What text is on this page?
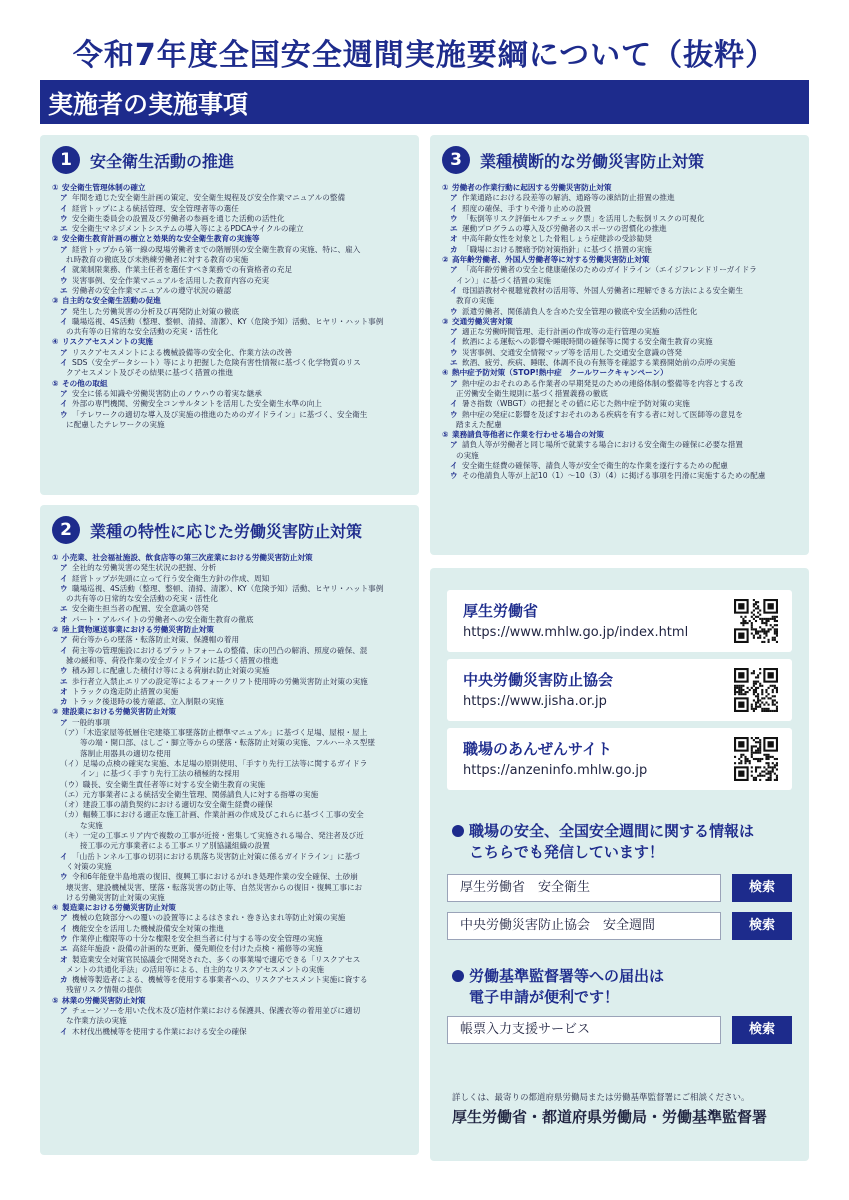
令和7年度全国安全週間実施要綱について（抜粋）
実施者の実施事項
1	安全衛生活動の推進
① 安全衛生管理体制の確立
ア 年間を通じた安全衛生計画の策定、安全衛生規程及び安全作業マニュアルの整備
イ 経営トップによる統括管理、安全管理者等の選任
ウ 安全衛生委員会の設置及び労働者の参画を通じた活動の活性化
エ 安全衛生マネジメントシステムの導入等によるPDCAサイクルの確立
② 安全衛生教育計画の樹立と効果的な安全衛生教育の実施等
ア 経営トップから第一線の現場労働者までの階層別の安全衛生教育の実施、特に、雇入
れ時教育の徹底及び未熟練労働者に対する教育の実施
イ 就業制限業務、作業主任者を選任すべき業務での有資格者の充足
ウ 災害事例、安全作業マニュアルを活用した教育内容の充実
エ 労働者の安全作業マニュアルの遵守状況の確認
③ 自主的な安全衛生活動の促進
ア 発生した労働災害の分析及び再発防止対策の徹底
イ 職場巡視、4S活動（整理、整頓、清掃、清潔）、KY（危険予知）活動、ヒヤリ・ハット事例
の共有等の日常的な安全活動の充実・活性化
④ リスクアセスメントの実施
ア リスクアセスメントによる機械設備等の安全化、作業方法の改善
イ SDS（安全データシート）等により把握した危険有害性情報に基づく化学物質のリス
クアセスメント及びその結果に基づく措置の推進
⑤ その他の取組
ア 安全に係る知識や労働災害防止のノウハウの着実な継承
イ 外部の専門機関、労働安全コンサルタントを活用した安全衛生水準の向上
ウ 「テレワークの適切な導入及び実施の推進のためのガイドライン」に基づく、安全衛生
に配慮したテレワークの実施
2	業種の特性に応じた労働災害防止対策
① 小売業、社会福祉施設、飲食店等の第三次産業における労働災害防止対策
ア 全社的な労働災害の発生状況の把握、分析
イ 経営トップが先頭に立って行う安全衛生方針の作成、周知
ウ 職場巡視、4S活動（整理、整頓、清掃、清潔）、KY（危険予知）活動、ヒヤリ・ハット事例
の共有等の日常的な安全活動の充実・活性化
エ 安全衛生担当者の配置、安全意識の啓発
オ パート・アルバイトの労働者への安全衛生教育の徹底
② 陸上貨物運送事業における労働災害防止対策
ア 荷台等からの墜落・転落防止対策、保護帽の着用
イ 荷主等の管理施設におけるプラットフォームの整備、床の凹凸の解消、照度の確保、混
雑の緩和等、荷役作業の安全ガイドラインに基づく措置の推進
ウ 積み卸しに配慮した積付け等による荷崩れ防止対策の実施
エ 歩行者立入禁止エリアの設定等によるフォークリフト使用時の労働災害防止対策の実施
オ トラックの逸走防止措置の実施
カ トラック後退時の後方確認、立入制限の実施
③ 建設業における労働災害防止対策
ア 一般的事項
（ア）「木造家屋等低層住宅建築工事墜落防止標準マニュアル」に基づく足場、屋根・屋上
等の端・開口部、はしご・脚立等からの墜落・転落防止対策の実施、フルハーネス型墜
落制止用器具の適切な使用
（イ）足場の点検の確実な実施、本足場の原則使用、「手すり先行工法等に関するガイドラ
イン」に基づく手すり先行工法の積極的な採用
（ウ）職長、安全衛生責任者等に対する安全衛生教育の実施
（エ）元方事業者による統括安全衛生管理、関係請負人に対する指導の実施
（オ）建設工事の請負契約における適切な安全衛生経費の確保
（カ）輻輳工事における適正な施工計画、作業計画の作成及びこれらに基づく工事の安全
な実施
（キ）一定の工事エリア内で複数の工事が近接・密集して実施される場合、発注者及び近
接工事の元方事業者による工事エリア別協議組織の設置
イ 「山岳トンネル工事の切羽における肌落ち災害防止対策に係るガイドライン」に基づ
く対策の実施
ウ 令和6年能登半島地震の復旧、復興工事におけるがれき処理作業の安全確保、土砂崩
壊災害、建設機械災害、墜落・転落災害の防止等、自然災害からの復旧・復興工事にお
ける労働災害防止対策の実施
④ 製造業における労働災害防止対策
ア 機械の危険部分への覆いの設置等によるはさまれ・巻き込まれ等防止対策の実施
イ 機能安全を活用した機械設備安全対策の推進
ウ 作業停止権限等の十分な権限を安全担当者に付与する等の安全管理の実施
エ 高経年施設・設備の計画的な更新、優先順位を付けた点検・補修等の実施
オ 製造業安全対策官民協議会で開発された、多くの事業場で適応できる「リスクアセス
メントの共通化手法」の活用等による、自主的なリスクアセスメントの実施
カ 機械等製造者による、機械等を使用する事業者への、リスクアセスメント実施に資する
残留リスク情報の提供
⑤ 林業の労働災害防止対策
ア チェーンソーを用いた伐木及び造材作業における保護具、保護衣等の着用並びに適切
な作業方法の実施
イ 木材伐出機械等を使用する作業における安全の確保
3	業種横断的な労働災害防止対策
① 労働者の作業行動に起因する労働災害防止対策
ア 作業通路における段差等の解消、通路等の凍結防止措置の推進
イ 照度の確保、手すりや滑り止めの設置
ウ 「転倒等リスク評価セルフチェック票」を活用した転倒リスクの可視化
エ 運動プログラムの導入及び労働者のスポーツの習慣化の推進
オ 中高年齢女性を対象とした骨粗しょう症健診の受診勧奨
カ 「職場における腰痛予防対策指針」に基づく措置の実施
② 高年齢労働者、外国人労働者等に対する労働災害防止対策
ア 「高年齢労働者の安全と健康確保のためのガイドライン（エイジフレンドリーガイドラ
イン）」に基づく措置の実施
イ 母国語教材や視聴覚教材の活用等、外国人労働者に理解できる方法による安全衛生
教育の実施
ウ 派遣労働者、関係請負人を含めた安全管理の徹底や安全活動の活性化
③ 交通労働災害対策
ア 適正な労働時間管理、走行計画の作成等の走行管理の実施
イ 飲酒による運転への影響や睡眠時間の確保等に関する安全衛生教育の実施
ウ 災害事例、交通安全情報マップ等を活用した交通安全意識の啓発
エ 飲酒、疲労、疾病、睡眠、体調不良の有無等を確認する業務開始前の点呼の実施
④ 熱中症予防対策（STOP!熱中症　クールワークキャンペーン）
ア 熱中症のおそれのある作業者の早期発見のための連絡体制の整備等を内容とする改
正労働安全衛生規則に基づく措置義務の徹底
イ 暑さ指数（WBGT）の把握とその値に応じた熱中症予防対策の実施
ウ 熱中症の発症に影響を及ぼすおそれのある疾病を有する者に対して医師等の意見を
踏まえた配慮
⑤ 業務請負等他者に作業を行わせる場合の対策
ア 請負人等が労働者と同じ場所で就業する場合における安全衛生の確保に必要な措置
の実施
イ 安全衛生経費の確保等、請負人等が安全で衛生的な作業を遂行するための配慮
ウ その他請負人等が上記10（1）～10（3）（4）に掲げる事項を円滑に実施するための配慮
厚生労働省
https://www.mhlw.go.jp/index.html
中央労働災害防止協会
https://www.jisha.or.jp
職場のあんぜんサイト
https://anzeninfo.mhlw.go.jp
職場の安全、全国安全週間に関する情報は
こちらでも発信しています！
厚生労働省　安全衛生	検索
中央労働災害防止協会　安全週間	検索
労働基準監督署等への届出は
電子申請が便利です！
帳票入力支援サービス	検索
詳しくは、最寄りの都道府県労働局または労働基準監督署にご相談ください。
厚生労働省・都道府県労働局・労働基準監督署
